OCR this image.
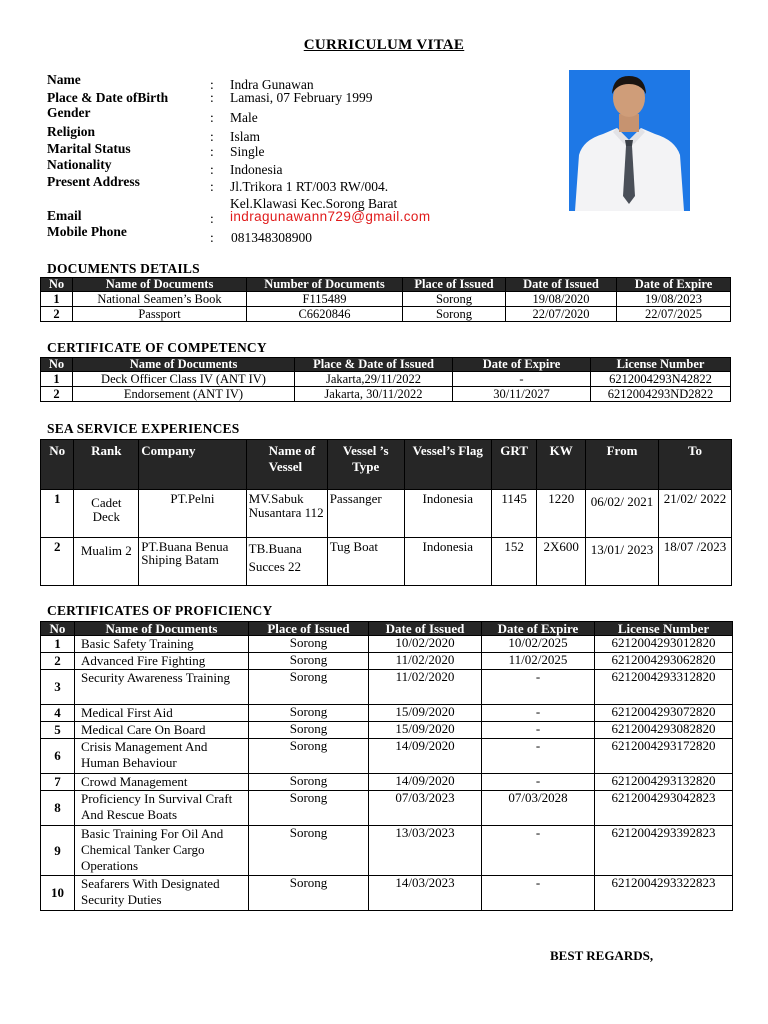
CURRICULUM VITAE
Name	: Indra Gunawan
Place & Date ofBirth	: Lamasi, 07 February 1999
Gender	: Male
Religion	: Islam
Marital Status	: Single
Nationality	: Indonesia
Present Address	: Jl.Trikora 1 RT/003 RW/004.
Kel.Klawasi Kec.Sorong Barat
Email	: indragunawann729@gmail.com
Mobile Phone	: 081348308900
DOCUMENTS DETAILS
No	Name of Documents	Number of Documents	Place of Issued	Date of Issued	Date of Expire
1	National Seamen’s Book	F115489	Sorong	19/08/2020	19/08/2023
2	Passport	C6620846	Sorong	22/07/2020	22/07/2025
CERTIFICATE OF COMPETENCY
No	Name of Documents	Place & Date of Issued	Date of Expire	License Number
1	Deck Officer Class IV (ANT IV)	Jakarta,29/11/2022	-	6212004293N42822
2	Endorsement (ANT IV)	Jakarta, 30/11/2022	30/11/2027	6212004293ND2822
SEA SERVICE EXPERIENCES
No	Rank	Company	Name of Vessel	Vessel ’s Type	Vessel’s Flag	GRT	KW	From	To
1	Cadet Deck	PT.Pelni	MV.Sabuk Nusantara 112	Passanger	Indonesia	1145	1220	06/02/ 2021	21/02/ 2022
2	Mualim 2	PT.Buana Benua Shiping Batam	TB.Buana Succes 22	Tug Boat	Indonesia	152	2X600	13/01/ 2023	18/07 /2023
CERTIFICATES OF PROFICIENCY
No	Name of Documents	Place of Issued	Date of Issued	Date of Expire	License Number
1	Basic Safety Training	Sorong	10/02/2020	10/02/2025	6212004293012820
2	Advanced Fire Fighting	Sorong	11/02/2020	11/02/2025	6212004293062820
3	Security Awareness Training	Sorong	11/02/2020	-	6212004293312820
4	Medical First Aid	Sorong	15/09/2020	-	6212004293072820
5	Medical Care On Board	Sorong	15/09/2020	-	6212004293082820
6	Crisis Management And Human Behaviour	Sorong	14/09/2020	-	6212004293172820
7	Crowd Management	Sorong	14/09/2020	-	6212004293132820
8	Proficiency In Survival Craft And Rescue Boats	Sorong	07/03/2023	07/03/2028	6212004293042823
9	Basic Training For Oil And Chemical Tanker Cargo Operations	Sorong	13/03/2023	-	6212004293392823
10	Seafarers With Designated Security Duties	Sorong	14/03/2023	-	6212004293322823
BEST REGARDS,
